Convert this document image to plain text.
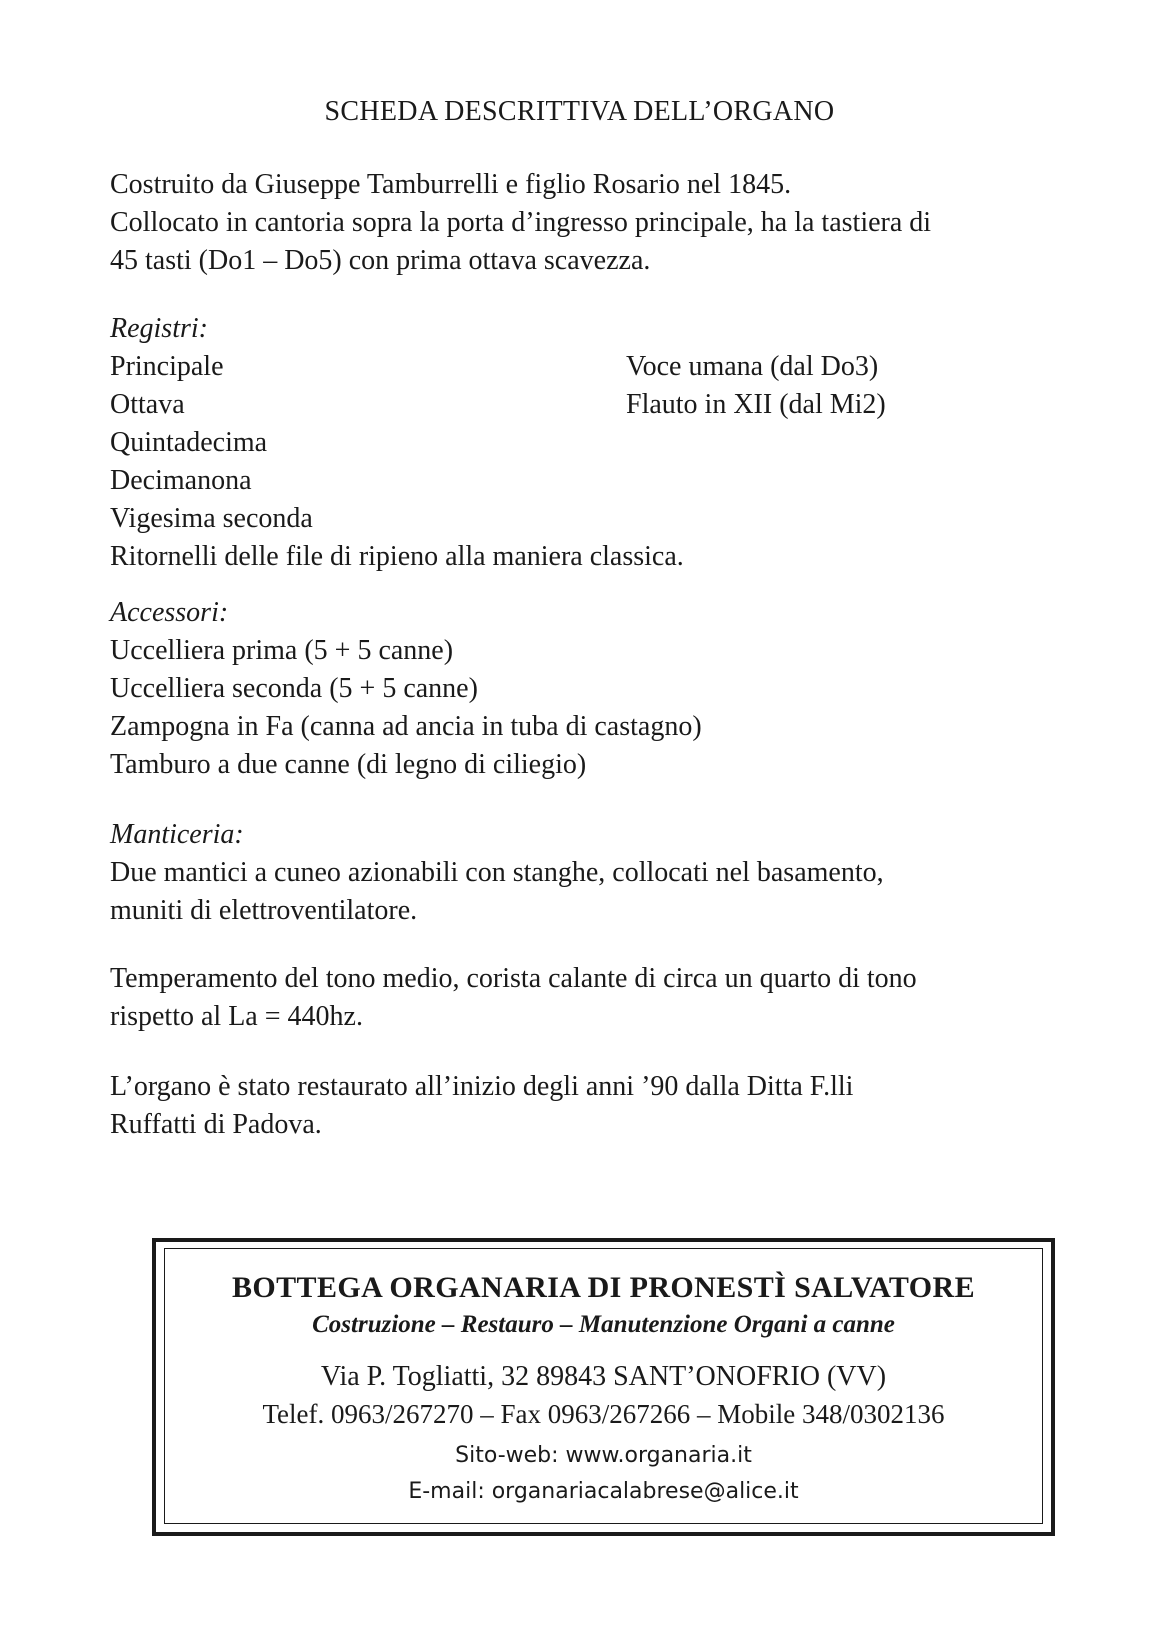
SCHEDA DESCRITTIVA DELL’ORGANO
Costruito da Giuseppe Tamburrelli e figlio Rosario nel 1845.
Collocato in cantoria sopra la porta d’ingresso principale, ha la tastiera di
45 tasti (Do1 – Do5) con prima ottava scavezza.
Registri:
Principale	Voce umana (dal Do3)
Ottava	Flauto in XII (dal Mi2)
Quintadecima
Decimanona
Vigesima seconda
Ritornelli delle file di ripieno alla maniera classica.
Accessori:
Uccelliera prima (5 + 5 canne)
Uccelliera seconda (5 + 5 canne)
Zampogna in Fa (canna ad ancia in tuba di castagno)
Tamburo a due canne (di legno di ciliegio)
Manticeria:
Due mantici a cuneo azionabili con stanghe, collocati nel basamento,
muniti di elettroventilatore.
Temperamento del tono medio, corista calante di circa un quarto di tono
rispetto al La = 440hz.
L’organo è stato restaurato all’inizio degli anni ’90 dalla Ditta F.lli
Ruffatti di Padova.
BOTTEGA ORGANARIA DI PRONESTÌ SALVATORE
Costruzione – Restauro – Manutenzione Organi a canne
Via P. Togliatti, 32 89843 SANT’ONOFRIO (VV)
Telef. 0963/267270 – Fax 0963/267266 – Mobile 348/0302136
Sito-web: www.organaria.it
E-mail: organariacalabrese@alice.it
